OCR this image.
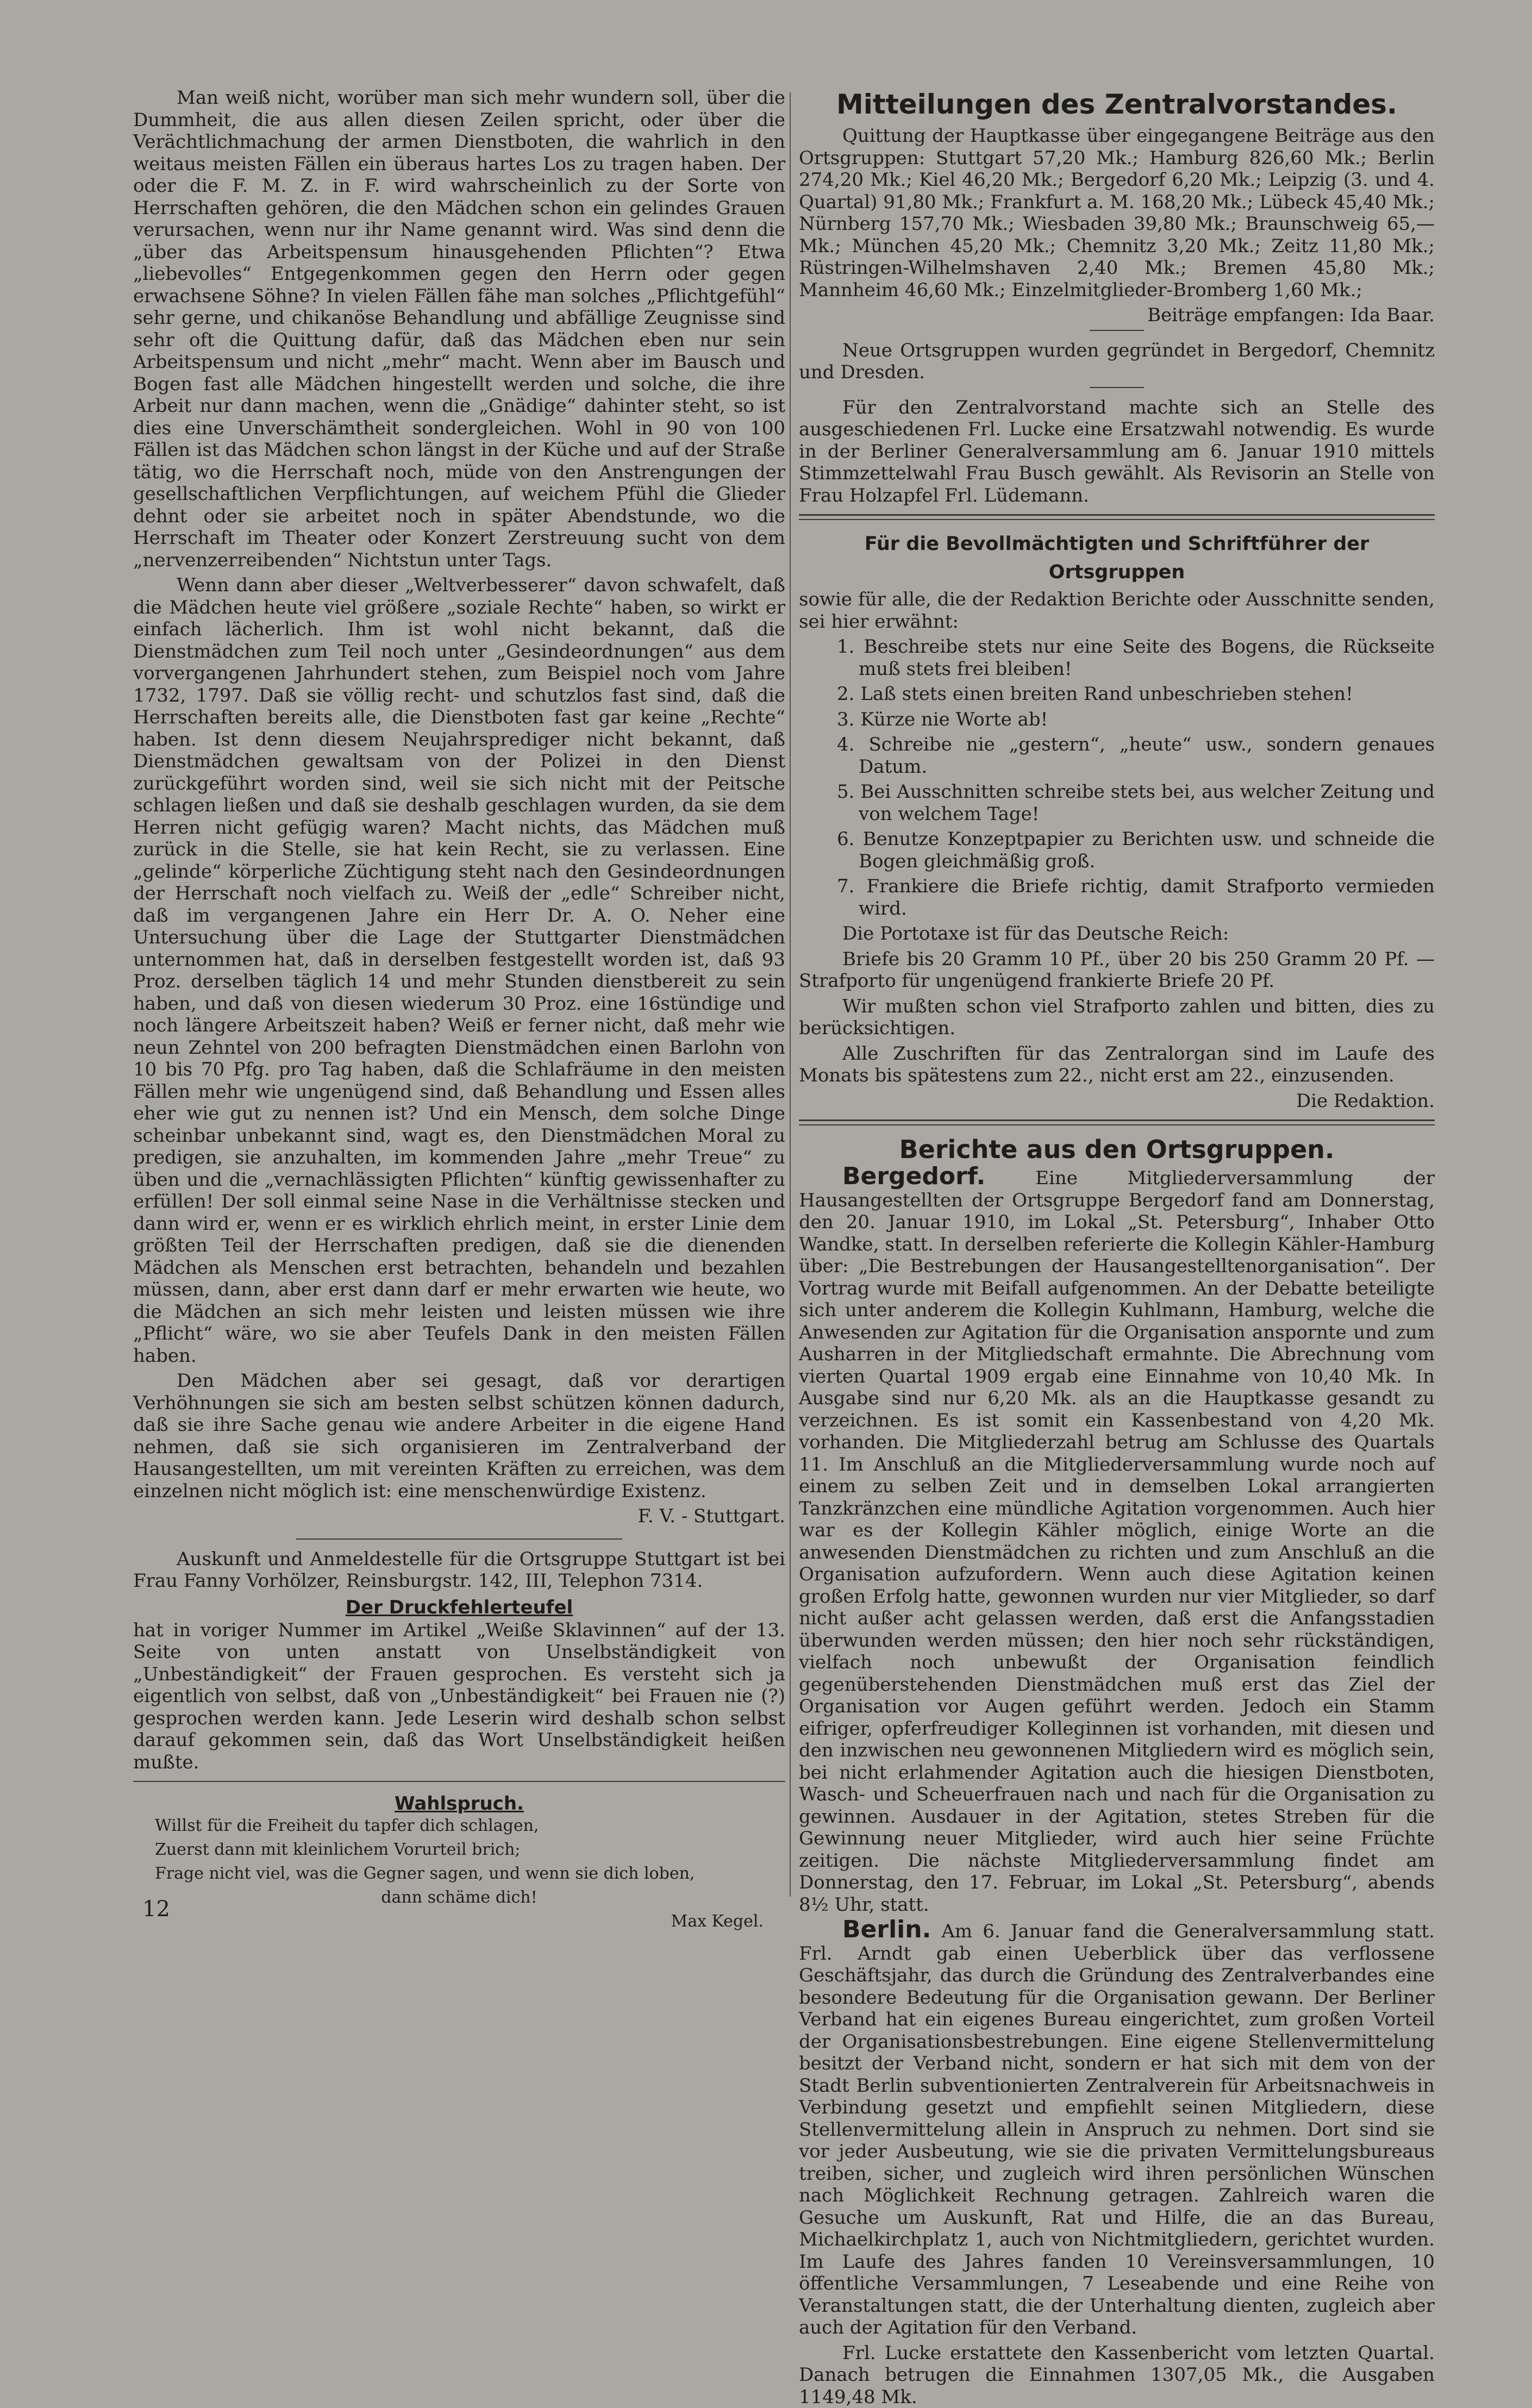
Man weiß nicht, worüber man sich mehr wundern soll, über die Dummheit, die aus allen diesen Zeilen spricht, oder über die Verächtlichmachung der armen Dienstboten, die wahrlich in den weitaus meisten Fällen ein überaus hartes Los zu tragen haben. Der oder die F. M. Z. in F. wird wahrscheinlich zu der Sorte von Herrschaften gehören, die den Mädchen schon ein gelindes Grauen verursachen, wenn nur ihr Name genannt wird. Was sind denn die „über das Arbeitspensum hinausgehenden Pflichten“? Etwa „liebevolles“ Entgegenkommen gegen den Herrn oder gegen erwachsene Söhne? In vielen Fällen fähe man solches „Pflichtgefühl“ sehr gerne, und chikanöse Behandlung und abfällige Zeugnisse sind sehr oft die Quittung dafür, daß das Mädchen eben nur sein Arbeitspensum und nicht „mehr“ macht. Wenn aber im Bausch und Bogen fast alle Mädchen hingestellt werden und solche, die ihre Arbeit nur dann machen, wenn die „Gnädige“ dahinter steht, so ist dies eine Unverschämtheit sondergleichen. Wohl in 90 von 100 Fällen ist das Mädchen schon längst in der Küche und auf der Straße tätig, wo die Herrschaft noch, müde von den Anstrengungen der gesellschaftlichen Verpflichtungen, auf weichem Pfühl die Glieder dehnt oder sie arbeitet noch in später Abendstunde, wo die Herrschaft im Theater oder Konzert Zerstreuung sucht von dem „nervenzerreibenden“ Nichtstun unter Tags.

Wenn dann aber dieser „Weltverbesserer“ davon schwafelt, daß die Mädchen heute viel größere „soziale Rechte“ haben, so wirkt er einfach lächerlich. Ihm ist wohl nicht bekannt, daß die Dienstmädchen zum Teil noch unter „Gesindeordnungen“ aus dem vorvergangenen Jahrhundert stehen, zum Beispiel noch vom Jahre 1732, 1797. Daß sie völlig recht- und schutzlos fast sind, daß die Herrschaften bereits alle, die Dienstboten fast gar keine „Rechte“ haben. Ist denn diesem Neujahrsprediger nicht bekannt, daß Dienstmädchen gewaltsam von der Polizei in den Dienst zurückgeführt worden sind, weil sie sich nicht mit der Peitsche schlagen ließen und daß sie deshalb geschlagen wurden, da sie dem Herren nicht gefügig waren? Macht nichts, das Mädchen muß zurück in die Stelle, sie hat kein Recht, sie zu verlassen. Eine „gelinde“ körperliche Züchtigung steht nach den Gesindeordnungen der Herrschaft noch vielfach zu. Weiß der „edle“ Schreiber nicht, daß im vergangenen Jahre ein Herr Dr. A. O. Neher eine Untersuchung über die Lage der Stuttgarter Dienstmädchen unternommen hat, daß in derselben festgestellt worden ist, daß 93 Proz. derselben täglich 14 und mehr Stunden dienstbereit zu sein haben, und daß von diesen wiederum 30 Proz. eine 16stündige und noch längere Arbeitszeit haben? Weiß er ferner nicht, daß mehr wie neun Zehntel von 200 befragten Dienstmädchen einen Barlohn von 10 bis 70 Pfg. pro Tag haben, daß die Schlafräume in den meisten Fällen mehr wie ungenügend sind, daß Behandlung und Essen alles eher wie gut zu nennen ist? Und ein Mensch, dem solche Dinge scheinbar unbekannt sind, wagt es, den Dienstmädchen Moral zu predigen, sie anzuhalten, im kommenden Jahre „mehr Treue“ zu üben und die „vernachlässigten Pflichten“ künftig gewissenhafter zu erfüllen! Der soll einmal seine Nase in die Verhältnisse stecken und dann wird er, wenn er es wirklich ehrlich meint, in erster Linie dem größten Teil der Herrschaften predigen, daß sie die dienenden Mädchen als Menschen erst betrachten, behandeln und bezahlen müssen, dann, aber erst dann darf er mehr erwarten wie heute, wo die Mädchen an sich mehr leisten und leisten müssen wie ihre „Pflicht“ wäre, wo sie aber Teufels Dank in den meisten Fällen haben.

Den Mädchen aber sei gesagt, daß vor derartigen Verhöhnungen sie sich am besten selbst schützen können dadurch, daß sie ihre Sache genau wie andere Arbeiter in die eigene Hand nehmen, daß sie sich organisieren im Zentralverband der Hausangestellten, um mit vereinten Kräften zu erreichen, was dem einzelnen nicht möglich ist: eine menschenwürdige Existenz.

F. V. - Stuttgart.

Auskunft und Anmeldestelle für die Ortsgruppe Stuttgart ist bei Frau Fanny Vorhölzer, Reinsburgstr. 142, III, Telephon 7314.

Der Druckfehlerteufel

hat in voriger Nummer im Artikel „Weiße Sklavinnen“ auf der 13. Seite von unten anstatt von Unselbständigkeit von „Unbeständigkeit“ der Frauen gesprochen. Es versteht sich ja eigentlich von selbst, daß von „Unbeständigkeit“ bei Frauen nie (?) gesprochen werden kann. Jede Leserin wird deshalb schon selbst darauf gekommen sein, daß das Wort Unselbständigkeit heißen mußte.

Wahlspruch.

Willst für die Freiheit du tapfer dich schlagen,

Zuerst dann mit kleinlichem Vorurteil brich;

Frage nicht viel, was die Gegner sagen, und wenn sie dich loben,

dann schäme dich!

Max Kegel.

Mitteilungen des Zentralvorstandes.

Quittung der Hauptkasse über eingegangene Beiträge aus den Ortsgruppen: Stuttgart 57,20 Mk.; Hamburg 826,60 Mk.; Berlin 274,20 Mk.; Kiel 46,20 Mk.; Bergedorf 6,20 Mk.; Leipzig (3. und 4. Quartal) 91,80 Mk.; Frankfurt a. M. 168,20 Mk.; Lübeck 45,40 Mk.; Nürnberg 157,70 Mk.; Wiesbaden 39,80 Mk.; Braunschweig 65,— Mk.; München 45,20 Mk.; Chemnitz 3,20 Mk.; Zeitz 11,80 Mk.; Rüstringen-Wilhelmshaven 2,40 Mk.; Bremen 45,80 Mk.; Mannheim 46,60 Mk.; Einzelmitglieder-Bromberg 1,60 Mk.;

Beiträge empfangen: Ida Baar.

Neue Ortsgruppen wurden gegründet in Bergedorf, Chemnitz und Dresden.

Für den Zentralvorstand machte sich an Stelle des ausgeschiedenen Frl. Lucke eine Ersatzwahl notwendig. Es wurde in der Berliner Generalversammlung am 6. Januar 1910 mittels Stimmzettelwahl Frau Busch gewählt. Als Revisorin an Stelle von Frau Holzapfel Frl. Lüdemann.

Für die Bevollmächtigten und Schriftführer der Ortsgruppen

sowie für alle, die der Redaktion Berichte oder Ausschnitte senden, sei hier erwähnt:

1. Beschreibe stets nur eine Seite des Bogens, die Rückseite muß stets frei bleiben!

2. Laß stets einen breiten Rand unbeschrieben stehen!

3. Kürze nie Worte ab!

4. Schreibe nie „gestern“, „heute“ usw., sondern genaues Datum.

5. Bei Ausschnitten schreibe stets bei, aus welcher Zeitung und von welchem Tage!

6. Benutze Konzeptpapier zu Berichten usw. und schneide die Bogen gleichmäßig groß.

7. Frankiere die Briefe richtig, damit Strafporto vermieden wird.

Die Portotaxe ist für das Deutsche Reich:

Briefe bis 20 Gramm 10 Pf., über 20 bis 250 Gramm 20 Pf. — Strafporto für ungenügend frankierte Briefe 20 Pf.

Wir mußten schon viel Strafporto zahlen und bitten, dies zu berücksichtigen.

Alle Zuschriften für das Zentralorgan sind im Laufe des Monats bis spätestens zum 22., nicht erst am 22., einzusenden.

Die Redaktion.

Berichte aus den Ortsgruppen.

Bergedorf.	Eine Mitgliederversammlung der Hausangestellten der Ortsgruppe Bergedorf fand am Donnerstag, den 20. Januar 1910, im Lokal „St. Petersburg“, Inhaber Otto Wandke, statt. In derselben referierte die Kollegin Kähler-Hamburg über: „Die Bestrebungen der Hausangestelltenorganisation“. Der Vortrag wurde mit Beifall aufgenommen. An der Debatte beteiligte sich unter anderem die Kollegin Kuhlmann, Hamburg, welche die Anwesenden zur Agitation für die Organisation anspornte und zum Ausharren in der Mitgliedschaft ermahnte. Die Abrechnung vom vierten Quartal 1909 ergab eine Einnahme von 10,40 Mk. In Ausgabe sind nur 6,20 Mk. als an die Hauptkasse gesandt zu verzeichnen. Es ist somit ein Kassenbestand von 4,20 Mk. vorhanden. Die Mitgliederzahl betrug am Schlusse des Quartals 11. Im Anschluß an die Mitgliederversammlung wurde noch auf einem zu selben Zeit und in demselben Lokal arrangierten Tanzkränzchen eine mündliche Agitation vorgenommen. Auch hier war es der Kollegin Kähler möglich, einige Worte an die anwesenden Dienstmädchen zu richten und zum Anschluß an die Organisation aufzufordern. Wenn auch diese Agitation keinen großen Erfolg hatte, gewonnen wurden nur vier Mitglieder, so darf nicht außer acht gelassen werden, daß erst die Anfangsstadien überwunden werden müssen; den hier noch sehr rückständigen, vielfach noch unbewußt der Organisation feindlich gegenüberstehenden Dienstmädchen muß erst das Ziel der Organisation vor Augen geführt werden. Jedoch ein Stamm eifriger, opferfreudiger Kolleginnen ist vorhanden, mit diesen und den inzwischen neu gewonnenen Mitgliedern wird es möglich sein, bei nicht erlahmender Agitation auch die hiesigen Dienstboten, Wasch- und Scheuerfrauen nach und nach für die Organisation zu gewinnen. Ausdauer in der Agitation, stetes Streben für die Gewinnung neuer Mitglieder, wird auch hier seine Früchte zeitigen. Die nächste Mitgliederversammlung findet am Donnerstag, den 17. Februar, im Lokal „St. Petersburg“, abends 8½ Uhr, statt.

Berlin. Am 6. Januar fand die Generalversammlung statt. Frl. Arndt gab einen Ueberblick über das verflossene Geschäftsjahr, das durch die Gründung des Zentralverbandes eine besondere Bedeutung für die Organisation gewann. Der Berliner Verband hat ein eigenes Bureau eingerichtet, zum großen Vorteil der Organisationsbestrebungen. Eine eigene Stellenvermittelung besitzt der Verband nicht, sondern er hat sich mit dem von der Stadt Berlin subventionierten Zentralverein für Arbeitsnachweis in Verbindung gesetzt und empfiehlt seinen Mitgliedern, diese Stellenvermittelung allein in Anspruch zu nehmen. Dort sind sie vor jeder Ausbeutung, wie sie die privaten Vermittelungsbureaus treiben, sicher, und zugleich wird ihren persönlichen Wünschen nach Möglichkeit Rechnung getragen. Zahlreich waren die Gesuche um Auskunft, Rat und Hilfe, die an das Bureau, Michaelkirchplatz 1, auch von Nichtmitgliedern, gerichtet wurden. Im Laufe des Jahres fanden 10 Vereinsversammlungen, 10 öffentliche Versammlungen, 7 Leseabende und eine Reihe von Veranstaltungen statt, die der Unterhaltung dienten, zugleich aber auch der Agitation für den Verband.

Frl. Lucke erstattete den Kassenbericht vom letzten Quartal. Danach betrugen die Einnahmen 1307,05 Mk., die Ausgaben 1149,48 Mk.

12
